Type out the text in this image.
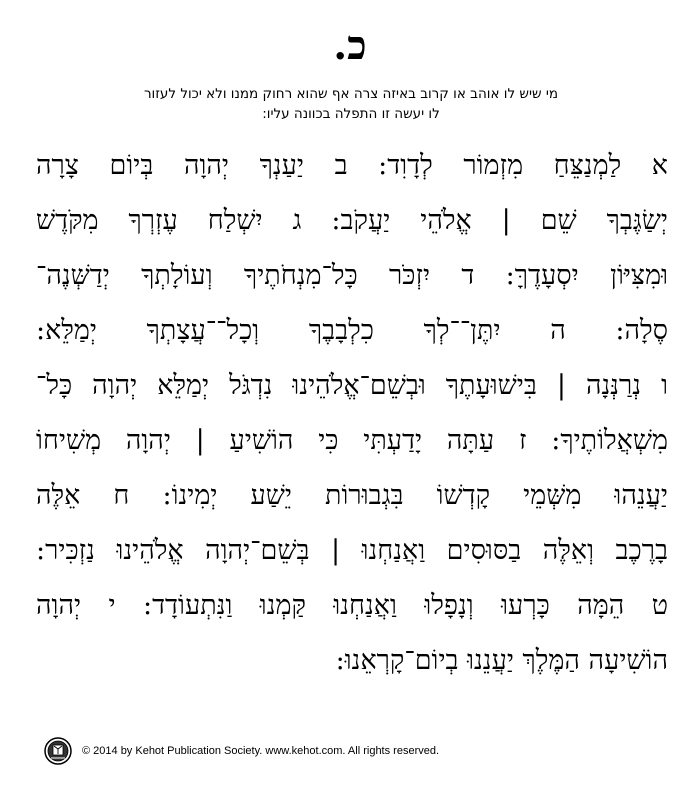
כ.
מי שיש לו אוהב או קרוב באיזה צרה אף שהוא רחוק ממנו ולא יכול לעזור
לו יעשה זו התפלה בכוונה עליו:
א לַמְנַצֵּחַ מִזְמוֹר לְדָוִד: ב יַעַנְךָ יְהוָה בְּיוֹם צָרָה
יְשַׂגֶּבְךָ שֵׁם | אֱלֹהֵי יַעֲקֹב: ג יִשְׁלַח עֶזְרְךָ מִקֹּדֶשׁ
וּמִצִּיּוֹן יִסְעָדֶךָּ: ד יִזְכֹּר כָּל־מִנְחֹתֶיךָ וְעוֹלָתְךָ יְדַשְּׁנֶה־
סֶלָה: ה יִתֶּן־־לְךָ כִלְבָבֶךָ וְכָל־־עֲצָתְךָ יְמַלֵּא:
ו נְרַנְּנָה | בִּישׁוּעָתֶךָ וּבְשֵׁם־אֱלֹהֵינוּ נִדְגֹּל יְמַלֵּא יְהוָה כָּל־
מִשְׁאֲלוֹתֶיךָ: ז עַתָּה יָדַעְתִּי כִּי הוֹשִׁיעַ | יְהוָה מְשִׁיחוֹ
יַעֲנֵהוּ מִשְּׁמֵי קָדְשׁוֹ בִּגְבוּרוֹת יֵשַׁע יְמִינוֹ: ח אֵלֶּה
בָרֶכֶב וְאֵלֶּה בַסּוּסִים וַאֲנַחְנוּ | בְּשֵׁם־יְהוָה אֱלֹהֵינוּ נַזְכִּיר:
ט הֵמָּה כָּרְעוּ וְנָפָלוּ וַאֲנַחְנוּ קַּמְנוּ וַנִּתְעוֹדָד: י יְהוָה
הוֹשִׁיעָה הַמֶּלֶךְ יַעֲנֵנוּ בְיוֹם־קָרְאֵנוּ:
© 2014 by Kehot Publication Society. www.kehot.com. All rights reserved.
